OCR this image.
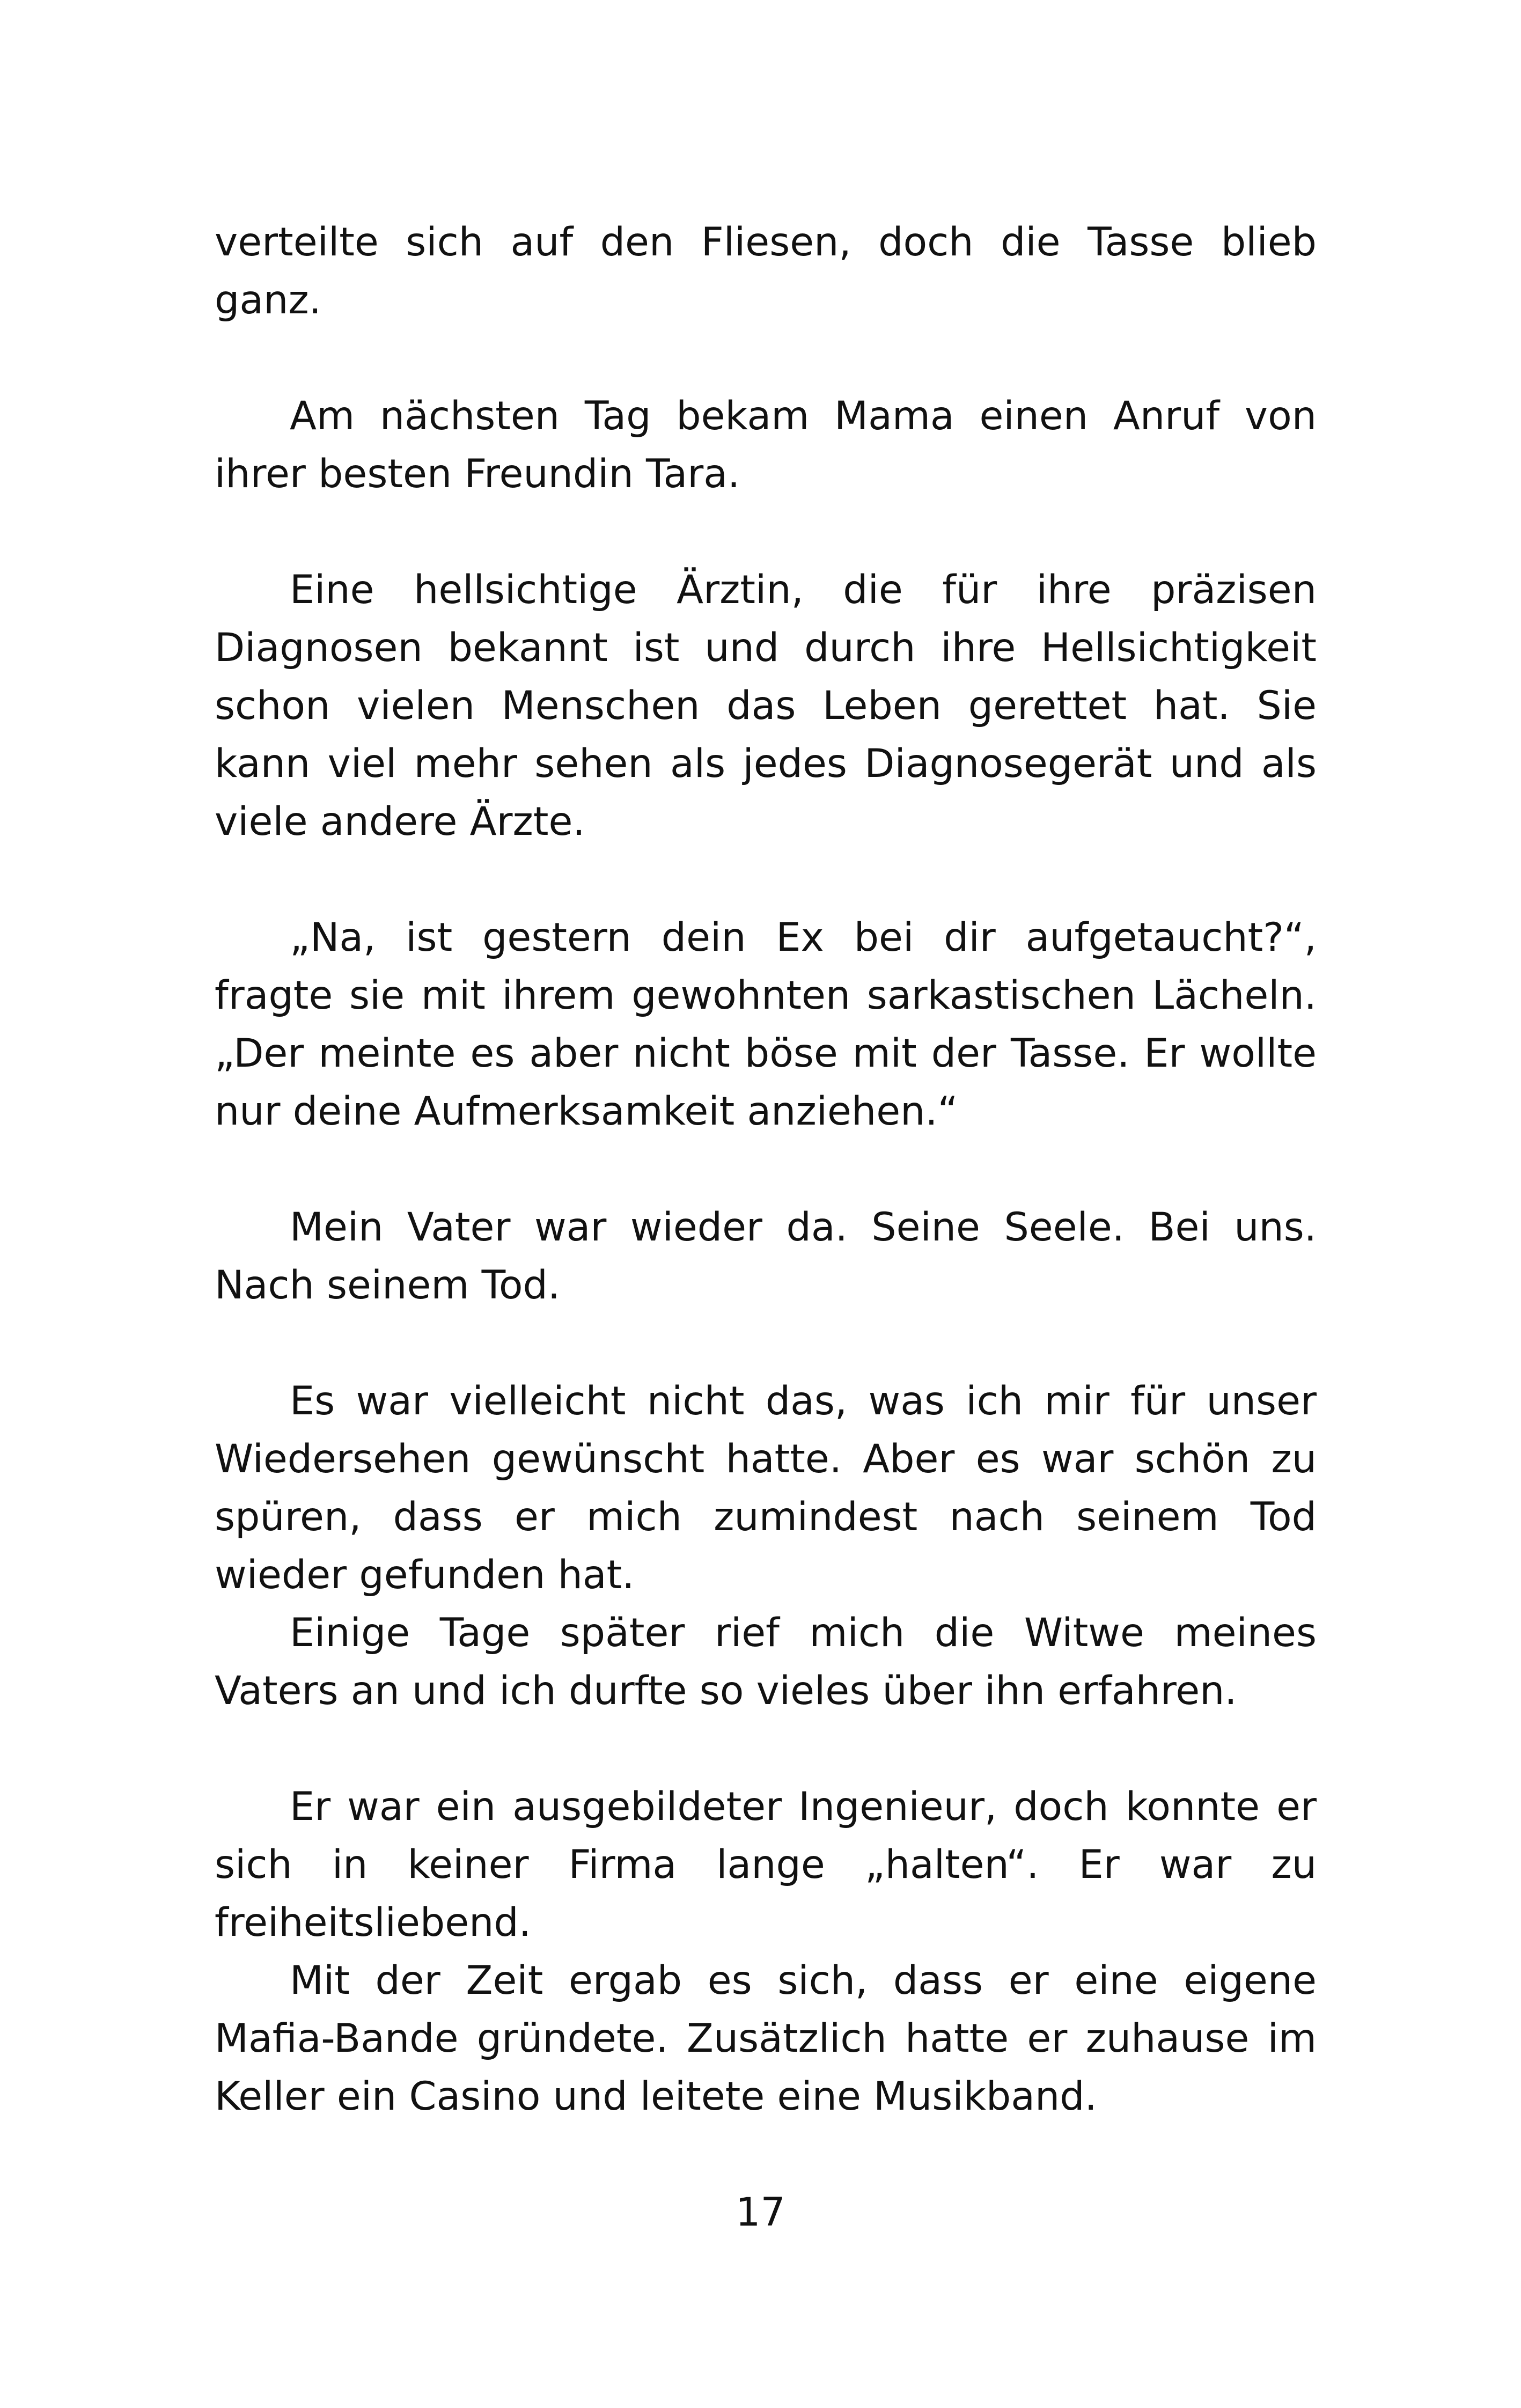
verteilte sich auf den Fliesen, doch die Tasse blieb ganz.

Am nächsten Tag bekam Mama einen Anruf von ihrer besten Freundin Tara.

Eine hellsichtige Ärztin, die für ihre präzisen Diagnosen bekannt ist und durch ihre Hellsichtigkeit schon vielen Menschen das Leben gerettet hat. Sie kann viel mehr sehen als jedes Diagnosegerät und als viele andere Ärzte.

„Na, ist gestern dein Ex bei dir aufgetaucht?“, fragte sie mit ihrem gewohnten sarkastischen Lächeln. „Der meinte es aber nicht böse mit der Tasse. Er wollte nur deine Aufmerksamkeit anziehen.“

Mein Vater war wieder da. Seine Seele. Bei uns. Nach seinem Tod.

Es war vielleicht nicht das, was ich mir für unser Wiedersehen gewünscht hatte. Aber es war schön zu spüren, dass er mich zumindest nach seinem Tod wieder gefunden hat.

Einige Tage später rief mich die Witwe meines Vaters an und ich durfte so vieles über ihn erfahren.

Er war ein ausgebildeter Ingenieur, doch konnte er sich in keiner Firma lange „halten“. Er war zu freiheitsliebend.

Mit der Zeit ergab es sich, dass er eine eigene Mafia-Bande gründete. Zusätzlich hatte er zuhause im Keller ein Casino und leitete eine Musikband.

17
